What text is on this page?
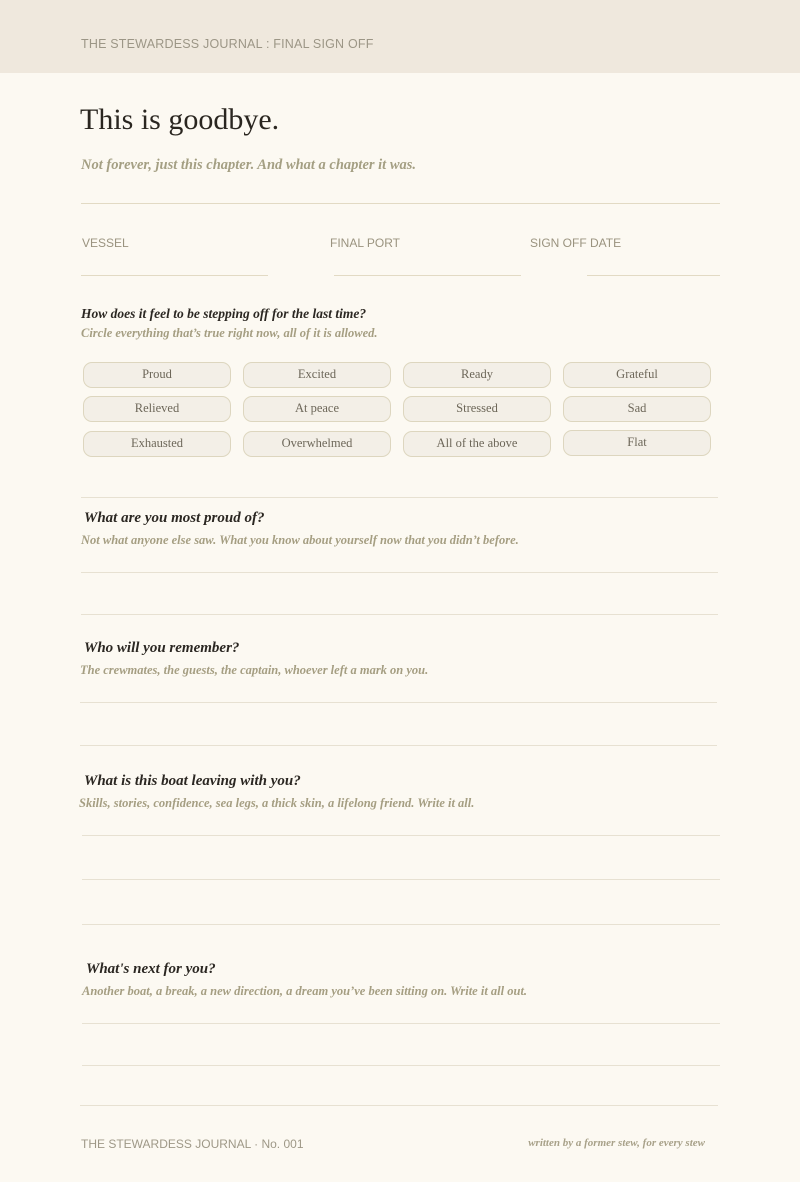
THE STEWARDESS JOURNAL : FINAL SIGN OFF
This is goodbye.
Not forever, just this chapter. And what a chapter it was.
VESSEL	FINAL PORT	SIGN OFF DATE
How does it feel to be stepping off for the last time?
Circle everything that’s true right now, all of it is allowed.
Proud	Excited	Ready	Grateful
Relieved	At peace	Stressed	Sad
Exhausted	Overwhelmed	All of the above	Flat
What are you most proud of?
Not what anyone else saw. What you know about yourself now that you didn’t before.
Who will you remember?
The crewmates, the guests, the captain, whoever left a mark on you.
What is this boat leaving with you?
Skills, stories, confidence, sea legs, a thick skin, a lifelong friend. Write it all.
What's next for you?
Another boat, a break, a new direction, a dream you’ve been sitting on. Write it all out.
THE STEWARDESS JOURNAL · No. 001	written by a former stew, for every stew
